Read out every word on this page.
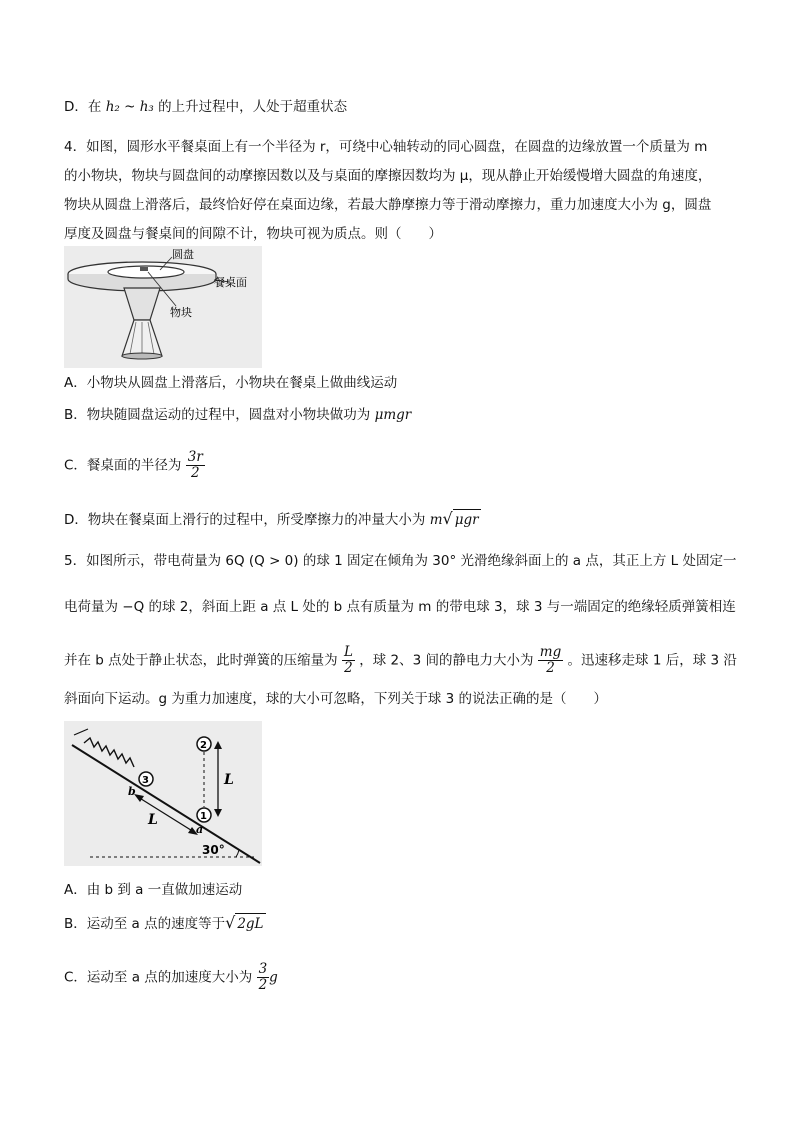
D．在 h₂ ~ h₃ 的上升过程中，人处于超重状态
4．如图，圆形水平餐桌面上有一个半径为 r，可绕中心轴转动的同心圆盘，在圆盘的边缘放置一个质量为 m
的小物块，物块与圆盘间的动摩擦因数以及与桌面的摩擦因数均为 μ，现从静止开始缓慢增大圆盘的角速度，
物块从圆盘上滑落后，最终恰好停在桌面边缘，若最大静摩擦力等于滑动摩擦力，重力加速度大小为 g，圆盘
厚度及圆盘与餐桌间的间隙不计，物块可视为质点。则（　　）
圆盘
餐桌面
物块
A．小物块从圆盘上滑落后，小物块在餐桌上做曲线运动
B．物块随圆盘运动的过程中，圆盘对小物块做功为 μmgr
C．餐桌面的半径为 $\frac{3r}{2}$
D．物块在餐桌面上滑行的过程中，所受摩擦力的冲量大小为 m√ μgr
5．如图所示，带电荷量为 6Q (Q > 0) 的球 1 固定在倾角为 30° 光滑绝缘斜面上的 a 点，其正上方 L 处固定一
电荷量为 −Q 的球 2，斜面上距 a 点 L 处的 b 点有质量为 m 的带电球 3，球 3 与一端固定的绝缘轻质弹簧相连
并在 b 点处于静止状态，此时弹簧的压缩量为 $\frac{L}{2}$ ，球 2、3 间的静电力大小为 $\frac{mg}{2}$ 。迅速移走球 1 后，球 3 沿
斜面向下运动。g 为重力加速度，球的大小可忽略，下列关于球 3 的说法正确的是（　　）
3
b
1
a
2
L
L
30°
A．由 b 到 a 一直做加速运动
B．运动至 a 点的速度等于√ 2gL
C．运动至 a 点的加速度大小为 $\frac{3}{2}$ g
